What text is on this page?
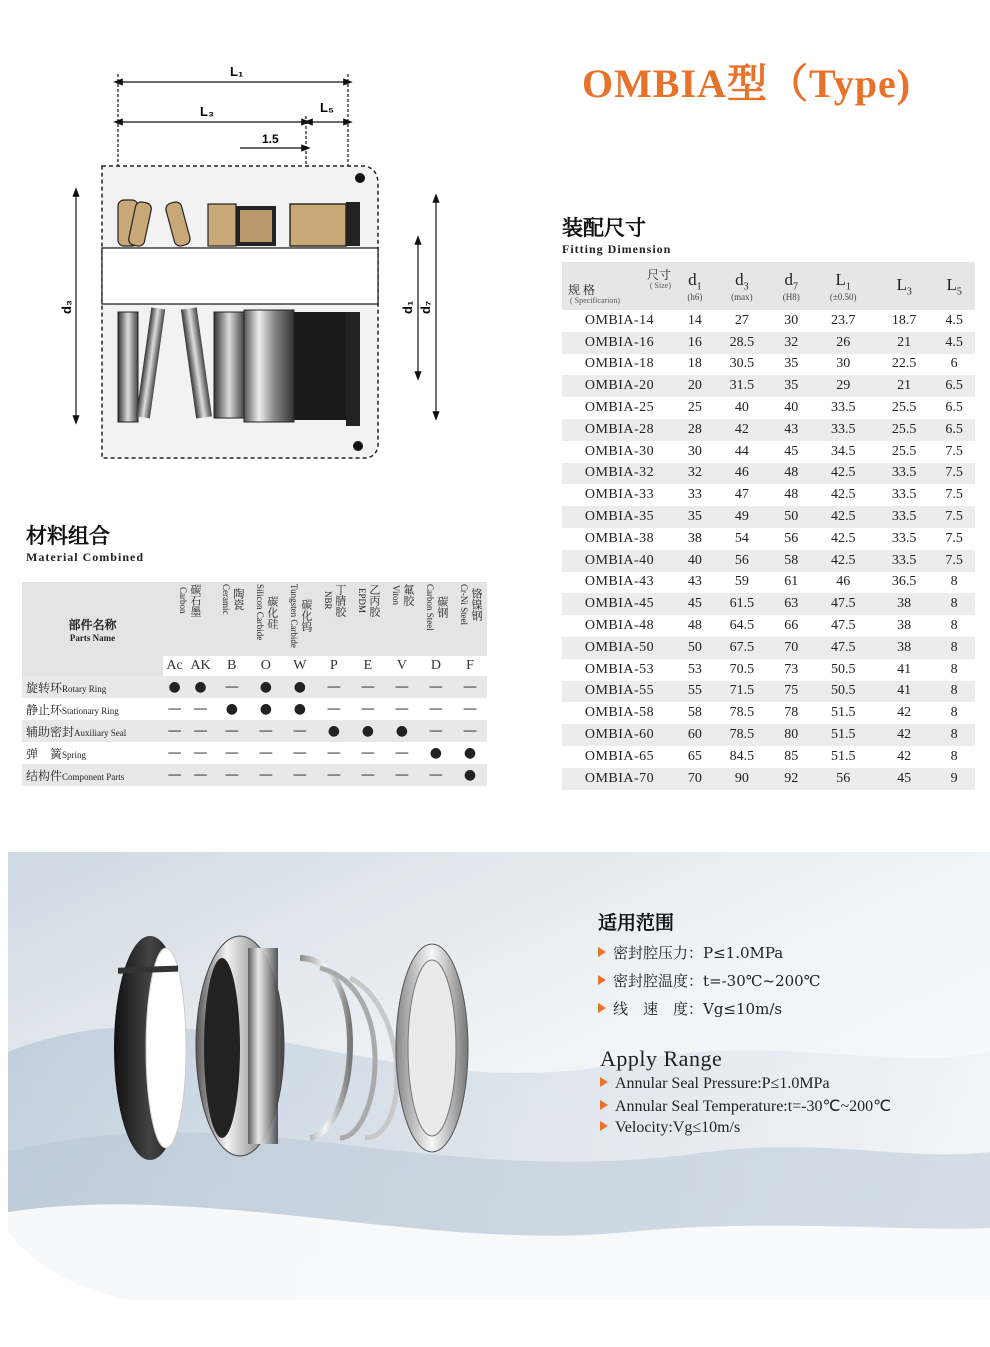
OMBIA型（Type)
L₁
L₃	L₅
1.5
d₃	d₁ d₇
装配尺寸
Fitting Dimension
尺寸
( Size)
规 格
( Specificarion)	$d_1$
(h6)	$d_3$
(max)	$d_7$
(H8)	$L_1$
(±0.50)	$L_3$	$L_5$

OMBIA-14	14	27	30	23.7	18.7	4.5
OMBIA-16	16	28.5	32	26	21	4.5
OMBIA-18	18	30.5	35	30	22.5	6
OMBIA-20	20	31.5	35	29	21	6.5
OMBIA-25	25	40	40	33.5	25.5	6.5
OMBIA-28	28	42	43	33.5	25.5	6.5
OMBIA-30	30	44	45	34.5	25.5	7.5
OMBIA-32	32	46	48	42.5	33.5	7.5
OMBIA-33	33	47	48	42.5	33.5	7.5
OMBIA-35	35	49	50	42.5	33.5	7.5
OMBIA-38	38	54	56	42.5	33.5	7.5
OMBIA-40	40	56	58	42.5	33.5	7.5
OMBIA-43	43	59	61	46	36.5	8
OMBIA-45	45	61.5	63	47.5	38	8
OMBIA-48	48	64.5	66	47.5	38	8
OMBIA-50	50	67.5	70	47.5	38	8
OMBIA-53	53	70.5	73	50.5	41	8
OMBIA-55	55	71.5	75	50.5	41	8
OMBIA-58	58	78.5	78	51.5	42	8
OMBIA-60	60	78.5	80	51.5	42	8
OMBIA-65	65	84.5	85	51.5	42	8
OMBIA-70	70	90	92	56	45	9
材料组合
Material Combined
部件名称
Parts Name	碳石墨
Carbon		陶瓷
Ceramic	碳化硅
Silicon Carbide	碳化钨
Tungsten Carbide	丁腈胶
NBR	乙丙胶
EPDM	氟胶
Viton	碳钢
Carbon Steel	铬镍钢
Cr-Ni Steel

	Ac	AK	B	O	W	P	E	V	D	F
旋转环Rotary Ring	●	●	—	●	●	—	—	—	—	—
静止环Stationary Ring	—	—	●	●	●	—	—	—	—	—
辅助密封Auxiliary Seal	—	—	—	—	—	●	●	●	—	—
弹　簧Spring	—	—	—	—	—	—	—	—	●	●
结构件Component Parts	—	—	—	—	—	—	—	—	—	●
适用范围
密封腔压力：P≤1.0MPa
密封腔温度：t=-30℃~200℃
线　速　度：Vg≤10m/s
Apply Range
Annular Seal Pressure:P≤1.0MPa
Annular Seal Temperature:t=-30℃~200℃
Velocity:Vg≤10m/s
